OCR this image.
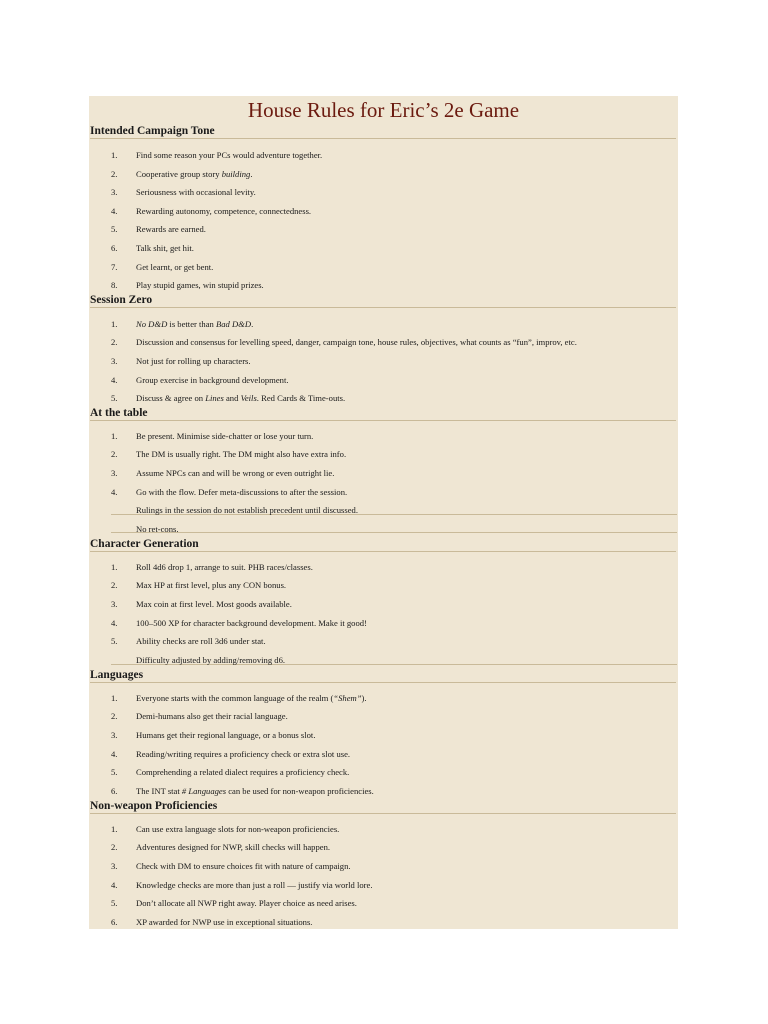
House Rules for Eric’s 2e Game
Intended Campaign Tone
1. Find some reason your PCs would adventure together.
2. Cooperative group story building.
3. Seriousness with occasional levity.
4. Rewarding autonomy, competence, connectedness.
5. Rewards are earned.
6. Talk shit, get hit.
7. Get learnt, or get bent.
8. Play stupid games, win stupid prizes.
Session Zero
1. No D&D is better than Bad D&D.
2. Discussion and consensus for levelling speed, danger, campaign tone, house rules, objectives, what counts as “fun”, improv, etc.
3. Not just for rolling up characters.
4. Group exercise in background development.
5. Discuss & agree on Lines and Veils. Red Cards & Time-outs.
At the table
1. Be present. Minimise side-chatter or lose your turn.
2. The DM is usually right. The DM might also have extra info.
3. Assume NPCs can and will be wrong or even outright lie.
4. Go with the flow. Defer meta-discussions to after the session.
Rulings in the session do not establish precedent until discussed.
No ret-cons.
Character Generation
1. Roll 4d6 drop 1, arrange to suit. PHB races/classes.
2. Max HP at first level, plus any CON bonus.
3. Max coin at first level. Most goods available.
4. 100–500 XP for character background development. Make it good!
5. Ability checks are roll 3d6 under stat.
Difficulty adjusted by adding/removing d6.
Languages
1. Everyone starts with the common language of the realm (“Shem”).
2. Demi-humans also get their racial language.
3. Humans get their regional language, or a bonus slot.
4. Reading/writing requires a proficiency check or extra slot use.
5. Comprehending a related dialect requires a proficiency check.
6. The INT stat # Languages can be used for non-weapon proficiencies.
Non-weapon Proficiencies
1. Can use extra language slots for non-weapon proficiencies.
2. Adventures designed for NWP, skill checks will happen.
3. Check with DM to ensure choices fit with nature of campaign.
4. Knowledge checks are more than just a roll — justify via world lore.
5. Don’t allocate all NWP right away. Player choice as need arises.
6. XP awarded for NWP use in exceptional situations.
